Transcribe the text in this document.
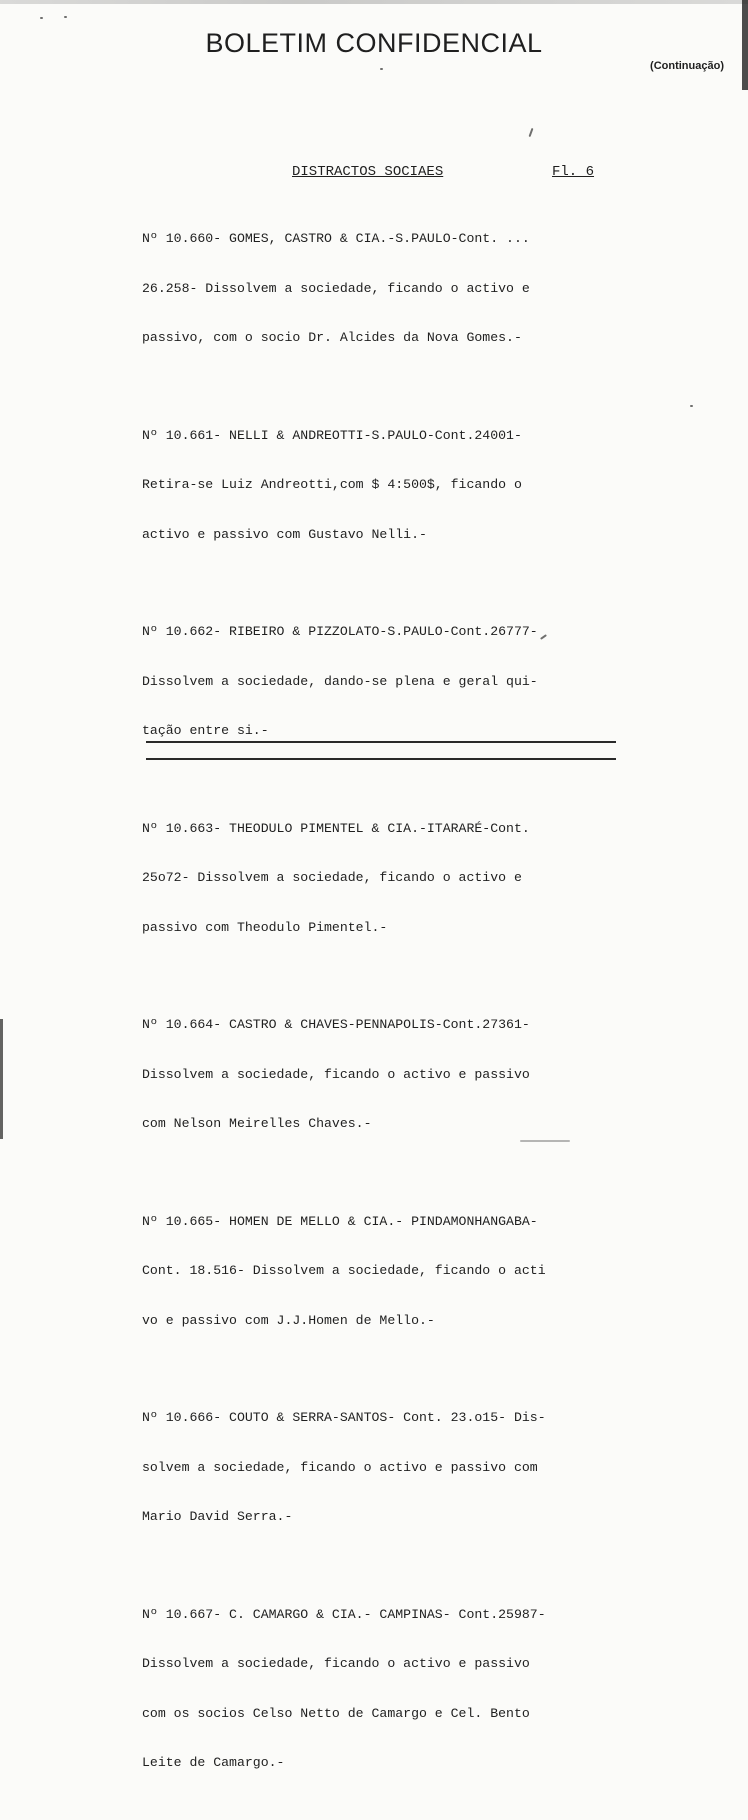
BOLETIM CONFIDENCIAL
(Continuação)
DISTRACTOS SOCIAES	Fl. 6

Nº 10.660- GOMES, CASTRO & CIA.-S.PAULO-Cont. ...

26.258- Dissolvem a sociedade, ficando o activo e

passivo, com o socio Dr. Alcides da Nova Gomes.-

Nº 10.661- NELLI & ANDREOTTI-S.PAULO-Cont.24001-

Retira-se Luiz Andreotti,com $ 4:500$, ficando o

activo e passivo com Gustavo Nelli.-

Nº 10.662- RIBEIRO & PIZZOLATO-S.PAULO-Cont.26777-

Dissolvem a sociedade, dando-se plena e geral qui-

tação entre si.-

Nº 10.663- THEODULO PIMENTEL & CIA.-ITARARÉ-Cont.

25o72- Dissolvem a sociedade, ficando o activo e

passivo com Theodulo Pimentel.-

Nº 10.664- CASTRO & CHAVES-PENNAPOLIS-Cont.27361-

Dissolvem a sociedade, ficando o activo e passivo

com Nelson Meirelles Chaves.-

Nº 10.665- HOMEN DE MELLO & CIA.- PINDAMONHANGABA-

Cont. 18.516- Dissolvem a sociedade, ficando o acti

vo e passivo com J.J.Homen de Mello.-

Nº 10.666- COUTO & SERRA-SANTOS- Cont. 23.o15- Dis-

solvem a sociedade, ficando o activo e passivo com

Mario David Serra.-

Nº 10.667- C. CAMARGO & CIA.- CAMPINAS- Cont.25987-

Dissolvem a sociedade, ficando o activo e passivo

com os socios Celso Netto de Camargo e Cel. Bento

Leite de Camargo.-
